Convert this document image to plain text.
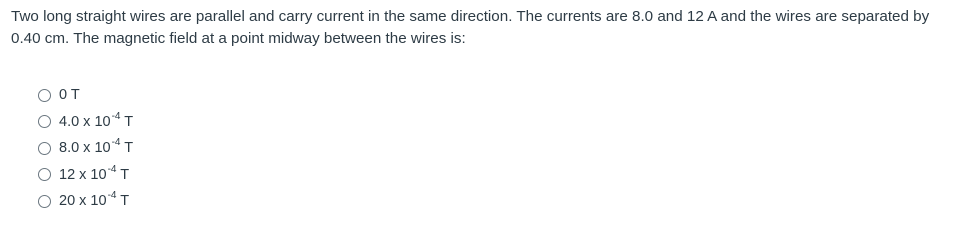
Two long straight wires are parallel and carry current in the same direction. The currents are 8.0 and 12 A and the wires are separated by 0.40 cm. The magnetic field at a point midway between the wires is:

0 T
4.0 x $10^{-4}$ T
8.0 x $10^{-4}$ T
12 x $10^{-4}$ T
20 x $10^{-4}$ T
